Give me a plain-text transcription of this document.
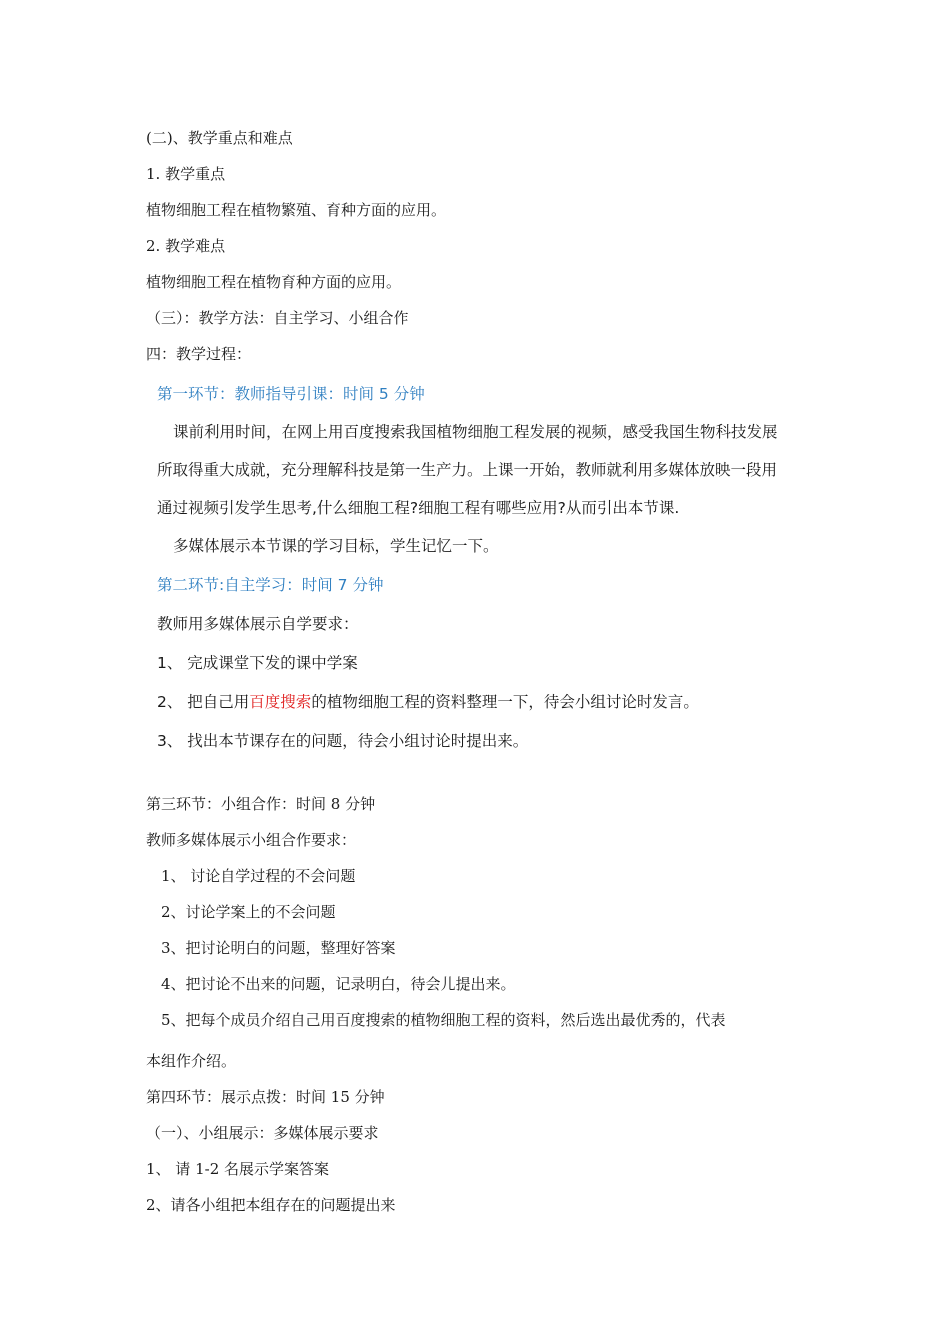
(二)、教学重点和难点
1. 教学重点
植物细胞工程在植物繁殖、育种方面的应用。
2. 教学难点
植物细胞工程在植物育种方面的应用。
（三）：教学方法：自主学习、小组合作
四：教学过程：
第一环节：教师指导引课：时间 5 分钟
课前利用时间，在网上用百度搜索我国植物细胞工程发展的视频，感受我国生物科技发展
所取得重大成就，充分理解科技是第一生产力。上课一开始，教师就利用多媒体放映一段用
通过视频引发学生思考,什么细胞工程?细胞工程有哪些应用?从而引出本节课.
多媒体展示本节课的学习目标，学生记忆一下。
第二环节:自主学习：时间 7 分钟
教师用多媒体展示自学要求：
1、 完成课堂下发的课中学案
2、 把自己用百度搜索的植物细胞工程的资料整理一下，待会小组讨论时发言。
3、 找出本节课存在的问题，待会小组讨论时提出来。
第三环节：小组合作：时间 8 分钟
教师多媒体展示小组合作要求：
1、 讨论自学过程的不会问题
2、讨论学案上的不会问题
3、把讨论明白的问题，整理好答案
4、把讨论不出来的问题，记录明白，待会儿提出来。
5、把每个成员介绍自己用百度搜索的植物细胞工程的资料，然后选出最优秀的，代表
本组作介绍。
第四环节：展示点拨：时间 15 分钟
（一）、小组展示：多媒体展示要求
1、 请 1-2 名展示学案答案
2、请各小组把本组存在的问题提出来
